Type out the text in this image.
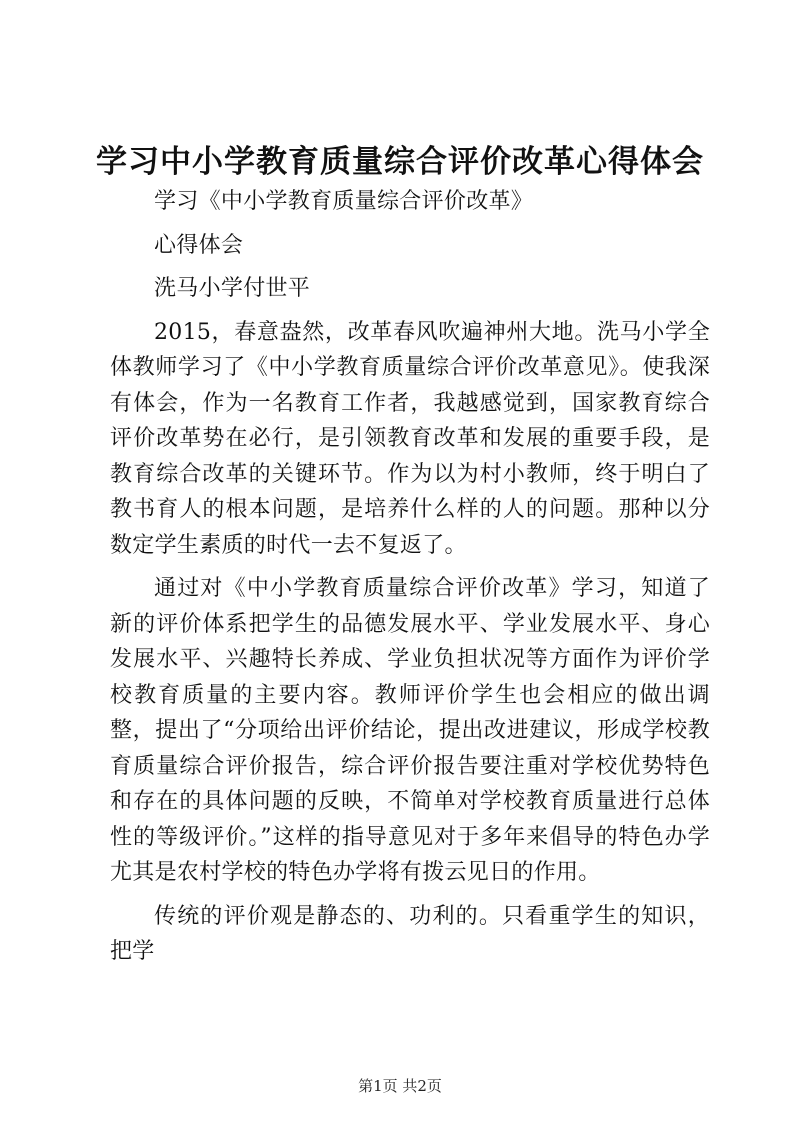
学习中小学教育质量综合评价改革心得体会

学习《中小学教育质量综合评价改革》

心得体会

洗马小学付世平

2015，春意盎然，改革春风吹遍神州大地。洗马小学全体教师学习了《中小学教育质量综合评价改革意见》。使我深有体会，作为一名教育工作者，我越感觉到，国家教育综合评价改革势在必行，是引领教育改革和发展的重要手段，是教育综合改革的关键环节。作为以为村小教师，终于明白了教书育人的根本问题，是培养什么样的人的问题。那种以分数定学生素质的时代一去不复返了。

通过对《中小学教育质量综合评价改革》学习，知道了新的评价体系把学生的品德发展水平、学业发展水平、身心发展水平、兴趣特长养成、学业负担状况等方面作为评价学校教育质量的主要内容。教师评价学生也会相应的做出调整，提出了“分项给出评价结论，提出改进建议，形成学校教育质量综合评价报告，综合评价报告要注重对学校优势特色和存在的具体问题的反映，不简单对学校教育质量进行总体性的等级评价。”这样的指导意见对于多年来倡导的特色办学尤其是农村学校的特色办学将有拨云见日的作用。

传统的评价观是静态的、功利的。只看重学生的知识，把学

第1页 共2页
